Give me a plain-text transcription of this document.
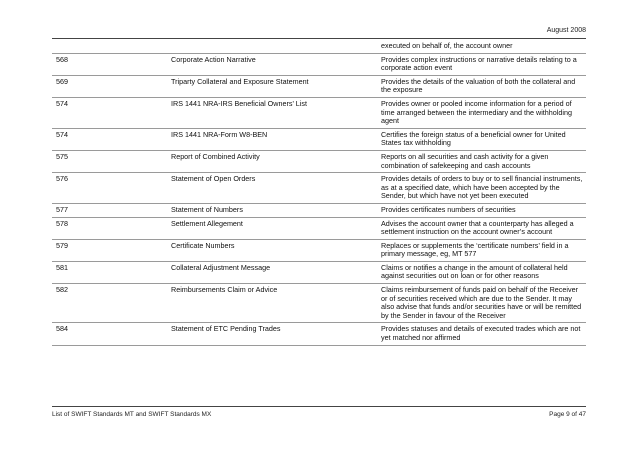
August 2008
		executed on behalf of, the account owner
568	Corporate Action Narrative	Provides complex instructions or narrative details relating to a corporate action event
569	Triparty Collateral and Exposure Statement	Provides the details of the valuation of both the collateral and the exposure
574	IRS 1441 NRA-IRS Beneficial Owners’ List	Provides owner or pooled income information for a period of time arranged between the intermediary and the withholding agent
574	IRS 1441 NRA-Form W8-BEN	Certifies the foreign status of a beneficial owner for United States tax withholding
575	Report of Combined Activity	Reports on all securities and cash activity for a given combination of safekeeping and cash accounts
576	Statement of Open Orders	Provides details of orders to buy or to sell financial instruments, as at a specified date, which have been accepted by the Sender, but which have not yet been executed
577	Statement of Numbers	Provides certificates numbers of securities
578	Settlement Allegement	Advises the account owner that a counterparty has alleged a settlement instruction on the account owner’s account
579	Certificate Numbers	Replaces or supplements the ‘certificate numbers’ field in a primary message, eg, MT 577
581	Collateral Adjustment Message	Claims or notifies a change in the amount of collateral held against securities out on loan or for other reasons
582	Reimbursements Claim or Advice	Claims reimbursement of funds paid on behalf of the Receiver or of securities received which are due to the Sender. It may also advise that funds and/or securities have or will be remitted by the Sender in favour of the Receiver
584	Statement of ETC Pending Trades	Provides statuses and details of executed trades which are not yet matched nor affirmed
List of SWIFT Standards MT and SWIFT Standards MX	Page 9 of 47
